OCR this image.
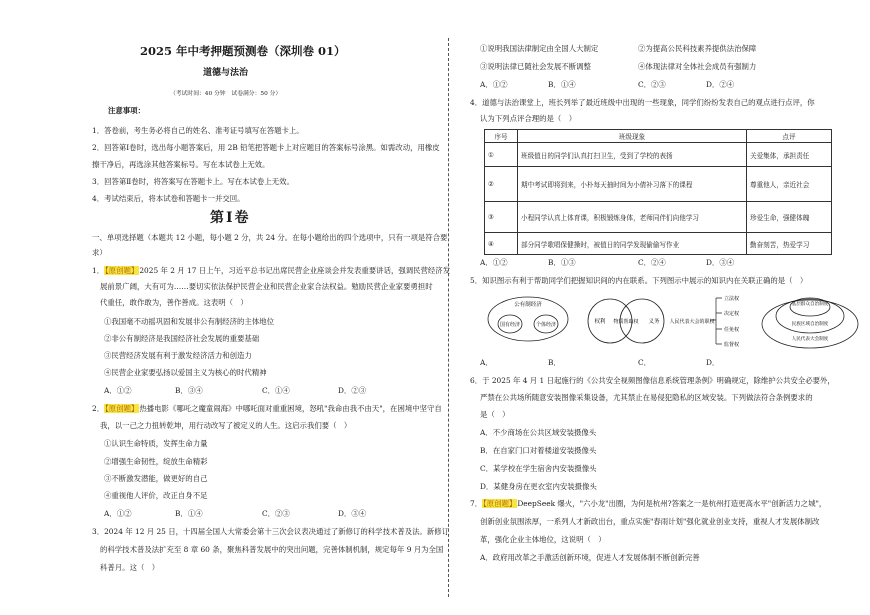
2025 年中考押题预测卷（深圳卷 01）
道德与法治
（考试时间：40 分钟　试卷满分：50 分）
注意事项：
1．答卷前，考生务必将自己的姓名、准考证号填写在答题卡上。
2．回答第Ⅰ卷时，选出每小题答案后，用 2B 铅笔把答题卡上对应题目的答案标号涂黑。如需改动，用橡皮
擦干净后，再选涂其他答案标号。写在本试卷上无效。
3．回答第Ⅱ卷时，将答案写在答题卡上。写在本试卷上无效。
4．考试结束后，将本试卷和答题卡一并交回。
第Ⅰ卷
一、单项选择题（本题共 12 小题，每小题 2 分，共 24 分。在每小题给出的四个选项中，只有一项是符合要
求）
1．【原创题】2025 年 2 月 17 日上午，习近平总书记出席民营企业座谈会并发表重要讲话，强调民营经济发
展前景广阔，大有可为……要切实依法保护民营企业和民营企业家合法权益。勉励民营企业家要勇担时
代重任，敢作敢为，善作善成。这表明（　）
①我国毫不动摇巩固和发展非公有制经济的主体地位
②非公有制经济是我国经济社会发展的重要基础
③民营经济发展有利于激发经济活力和创造力
④民营企业家要弘扬以爱国主义为核心的时代精神
A．①②	B．③④	C．①④	D．②③
2．【原创题】热播电影《哪吒之魔童闹海》中哪吒面对重重困境，怒吼"我命由我不由天"，在困境中坚守自
我，以一己之力扭转乾坤，用行动改写了被定义的人生。这启示我们要（　）
①认识生命特质，发挥生命力量
②增强生命韧性，绽放生命精彩
③不断激发潜能，做更好的自己
④重视他人评价，改正自身不足
A．①②	B．①④	C．②③	D．③④
3．2024 年 12 月 25 日，十四届全国人大常委会第十三次会议表决通过了新修订的科学技术普及法。新修订
的科学技术普及法扩充至 8 章 60 条，聚焦科普发展中的突出问题，完善体制机制，规定每年 9 月为全国
科普月。这（　）
①说明我国法律制定由全国人大制定	②为提高公民科技素养提供法治保障
③说明法律已随社会发展不断调整	④体现法律对全体社会成员有强制力
A．①②	B．①④	C．②③	D．②④
4．道德与法治课堂上，班长列举了最近班级中出现的一些现象，同学们纷纷发表自己的观点进行点评，你
认为下列点评合理的是（　）
序号	班级现象	点评
①	班级值日的同学们认真打扫卫生，受到了学校的表扬	关爱集体，承担责任
②	期中考试即将到来，小朴每天抽时间为小倩补习落下的课程	尊重他人，亲近社会
③	小程同学认真上体育课，积极锻炼身体，老师同伴们向他学习	珍爱生命，强健体魄
④	部分同学歌唱保健操时，被值日的同学发现偷偷写作业	勤奋刻苦，热爱学习
A．①②	B．①③	C．②④	D．③④
5．知识图示有利于帮助同学们把握知识间的内在联系。下列图示中展示的知识内在关联正确的是（　）
公有制经济
国有经济	个体经济	权利 物质帮助权 义务 人民代表大会的职权
立法权
决定权
任免权
监督权
基层群众自治制度
民族区域自治制度
人民代表大会制度
A．	B．	C．	D．
6．于 2025 年 4 月 1 日起施行的《公共安全视频图像信息系统管理条例》明确规定，除维护公共安全必要外，
严禁在公共场所随意安装图像采集设备，尤其禁止在易侵犯隐私的区域安装。下列做法符合条例要求的
是（　）
A．不少商场在公共区域安装摄像头
B．在自家门口对着楼道安装摄像头
C．某学校在学生宿舍内安装摄像头
D．某健身房在更衣室内安装摄像头
7．【原创题】DeepSeek 爆火，"六小龙"出圈，为何是杭州?答案之一是杭州打造更高水平"创新活力之城"，
创新创业氛围浓厚，一系列人才新政出台，重点实施"春雨计划"强化就业创业支持，重视人才发展体制改
革，强化企业主体地位，这说明（　）
A．政府用改革之手激活创新环境，促进人才发展体制不断创新完善
